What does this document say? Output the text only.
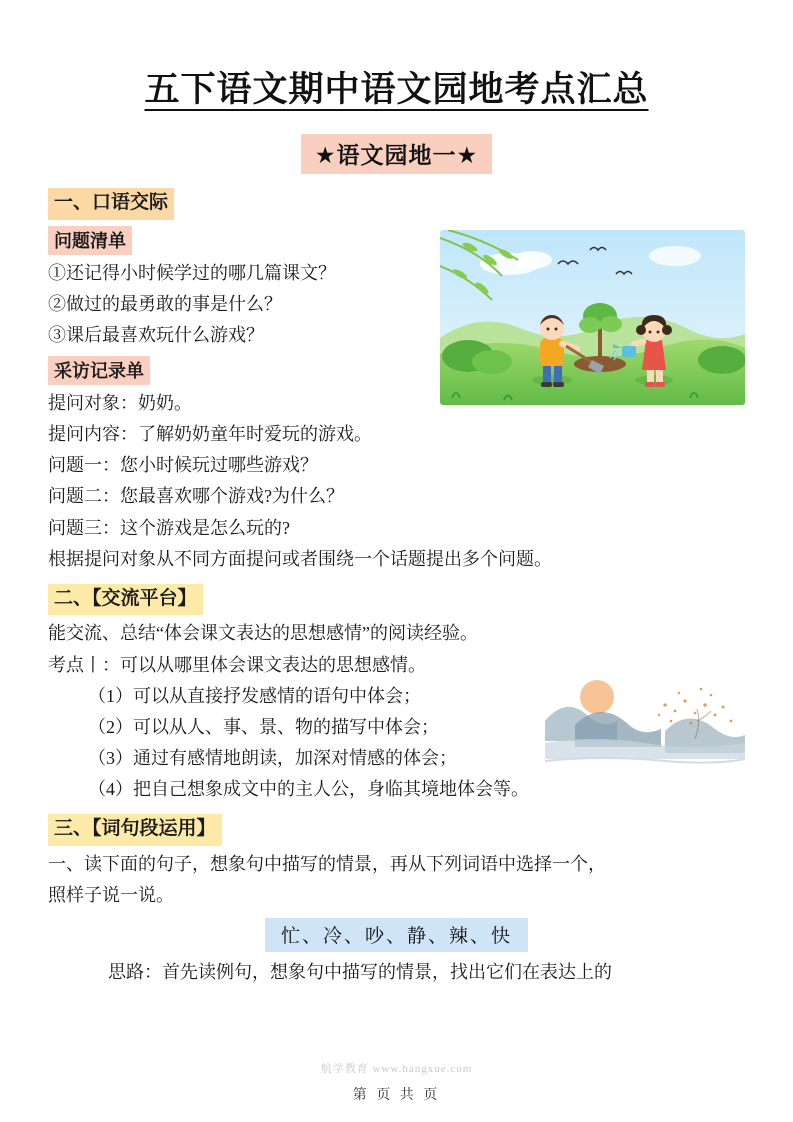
五下语文期中语文园地考点汇总
★语文园地一★
一、口语交际
问题清单

①还记得小时候学过的哪几篇课文？

②做过的最勇敢的事是什么？

③课后最喜欢玩什么游戏？

采访记录单

提问对象：奶奶。

提问内容：了解奶奶童年时爱玩的游戏。

问题一：您小时候玩过哪些游戏？

问题二：您最喜欢哪个游戏?为什么？

问题三：这个游戏是怎么玩的?

根据提问对象从不同方面提问或者围绕一个话题提出多个问题。

二、【交流平台】

能交流、总结“体会课文表达的思想感情”的阅读经验。

考点丨：可以从哪里体会课文表达的思想感情。

（1）可以从直接抒发感情的语句中体会；

（2）可以从人、事、景、物的描写中体会；

（3）通过有感情地朗读，加深对情感的体会；

（4）把自己想象成文中的主人公，身临其境地体会等。

三、【词句段运用】

一、读下面的句子，想象句中描写的情景，再从下列词语中选择一个，

照样子说一说。

忙、冷、吵、静、辣、快

思路：首先读例句，想象句中描写的情景，找出它们在表达上的

航学教育 www.hangxue.com
第 页 共 页
